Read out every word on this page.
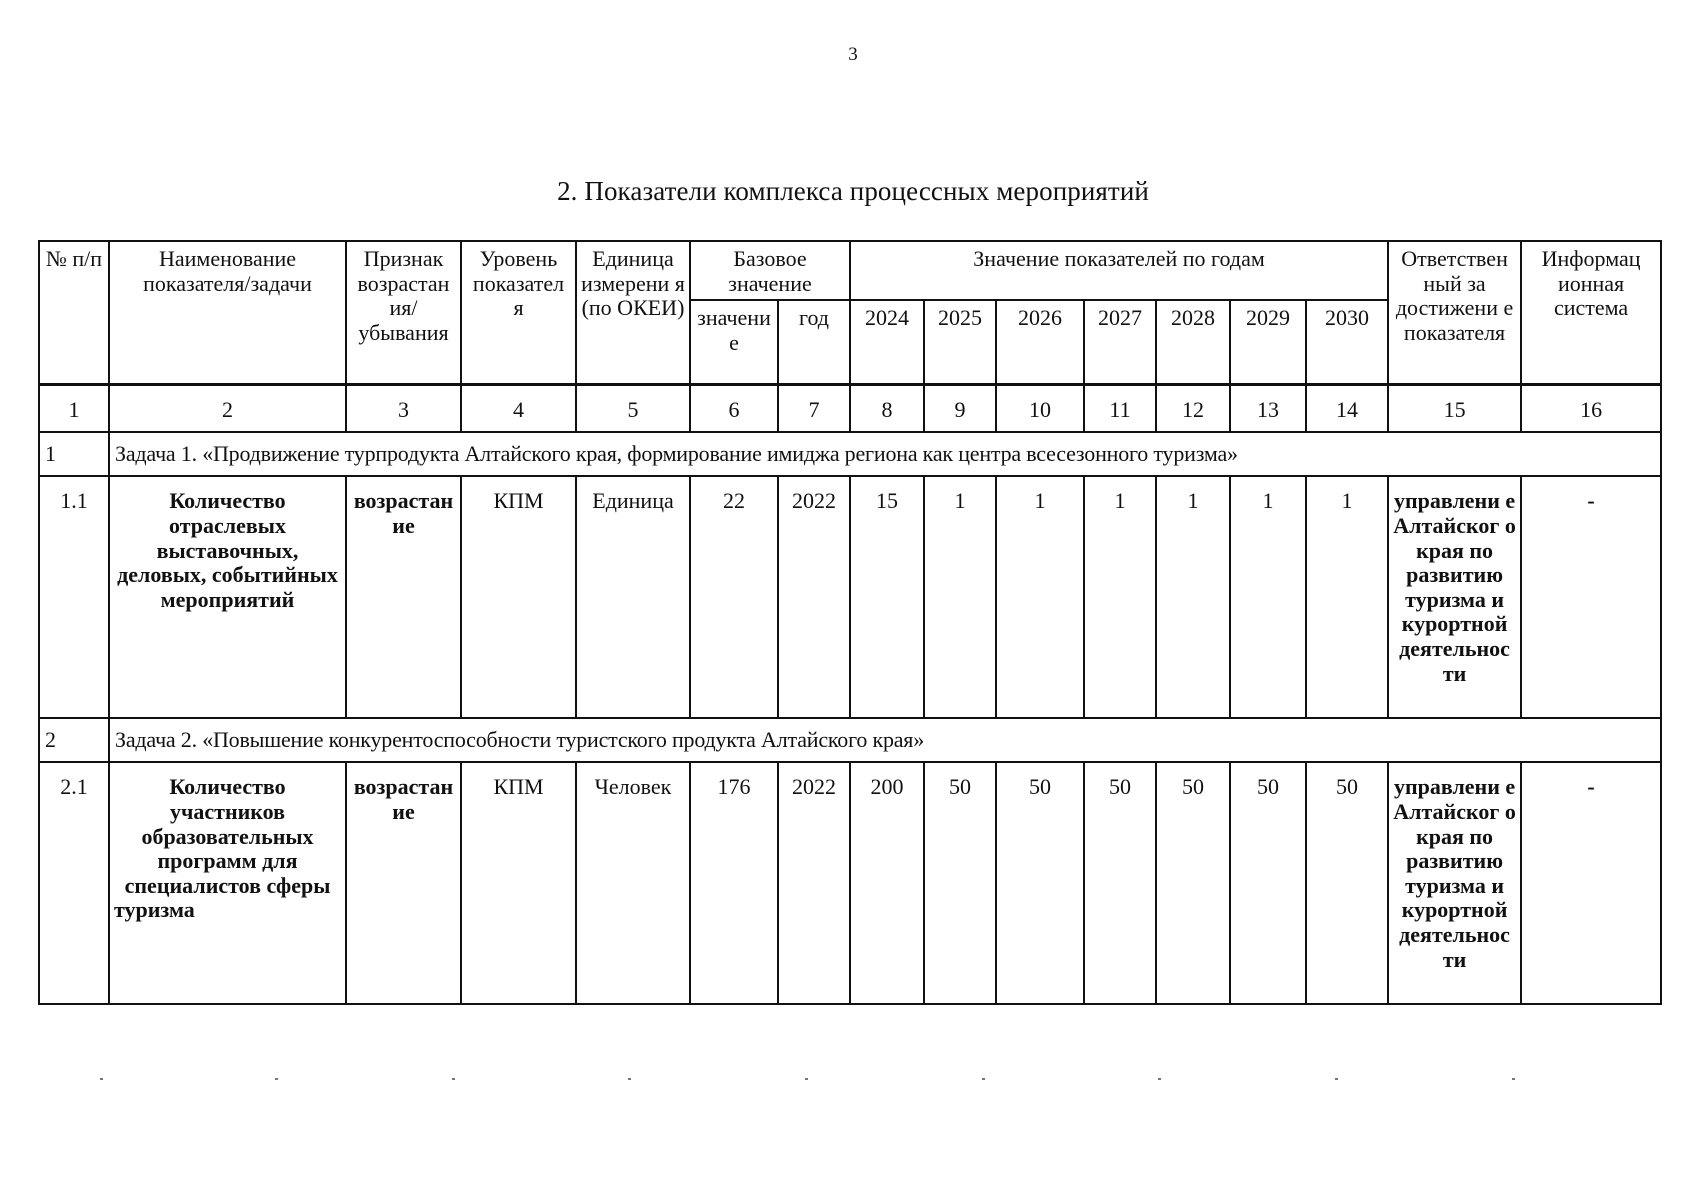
3
2. Показатели комплекса процессных мероприятий
№ п/п	Наименование показателя/задачи	Признак возрастан ия/ убывания	Уровень показател я	Единица измерени я (по ОКЕИ)	Базовое значение		Значение показателей по годам							Ответствен ный за достижени е показателя	Информац ионная система
					значени е	год	2024	2025	2026	2027	2028	2029	2030		
1	2	3	4	5	6	7	8	9	10	11	12	13	14	15	16
1	Задача 1. «Продвижение турпродукта Алтайского края, формирование имиджа региона как центра всесезонного туризма»														
1.1	Количество отраслевых выставочных, деловых, событийных мероприятий	возрастан ие	КПМ	Единица	22	2022	15	1	1	1	1	1	1	управлени е Алтайског о края по развитию туризма и курортной деятельнос ти	-
2	Задача 2. «Повышение конкурентоспособности туристского продукта Алтайского края»														
2.1	Количество участников образовательных программ для специалистов сферы туризма	возрастан ие	КПМ	Человек	176	2022	200	50	50	50	50	50	50	управлени е Алтайског о края по развитию туризма и курортной деятельнос ти	-
